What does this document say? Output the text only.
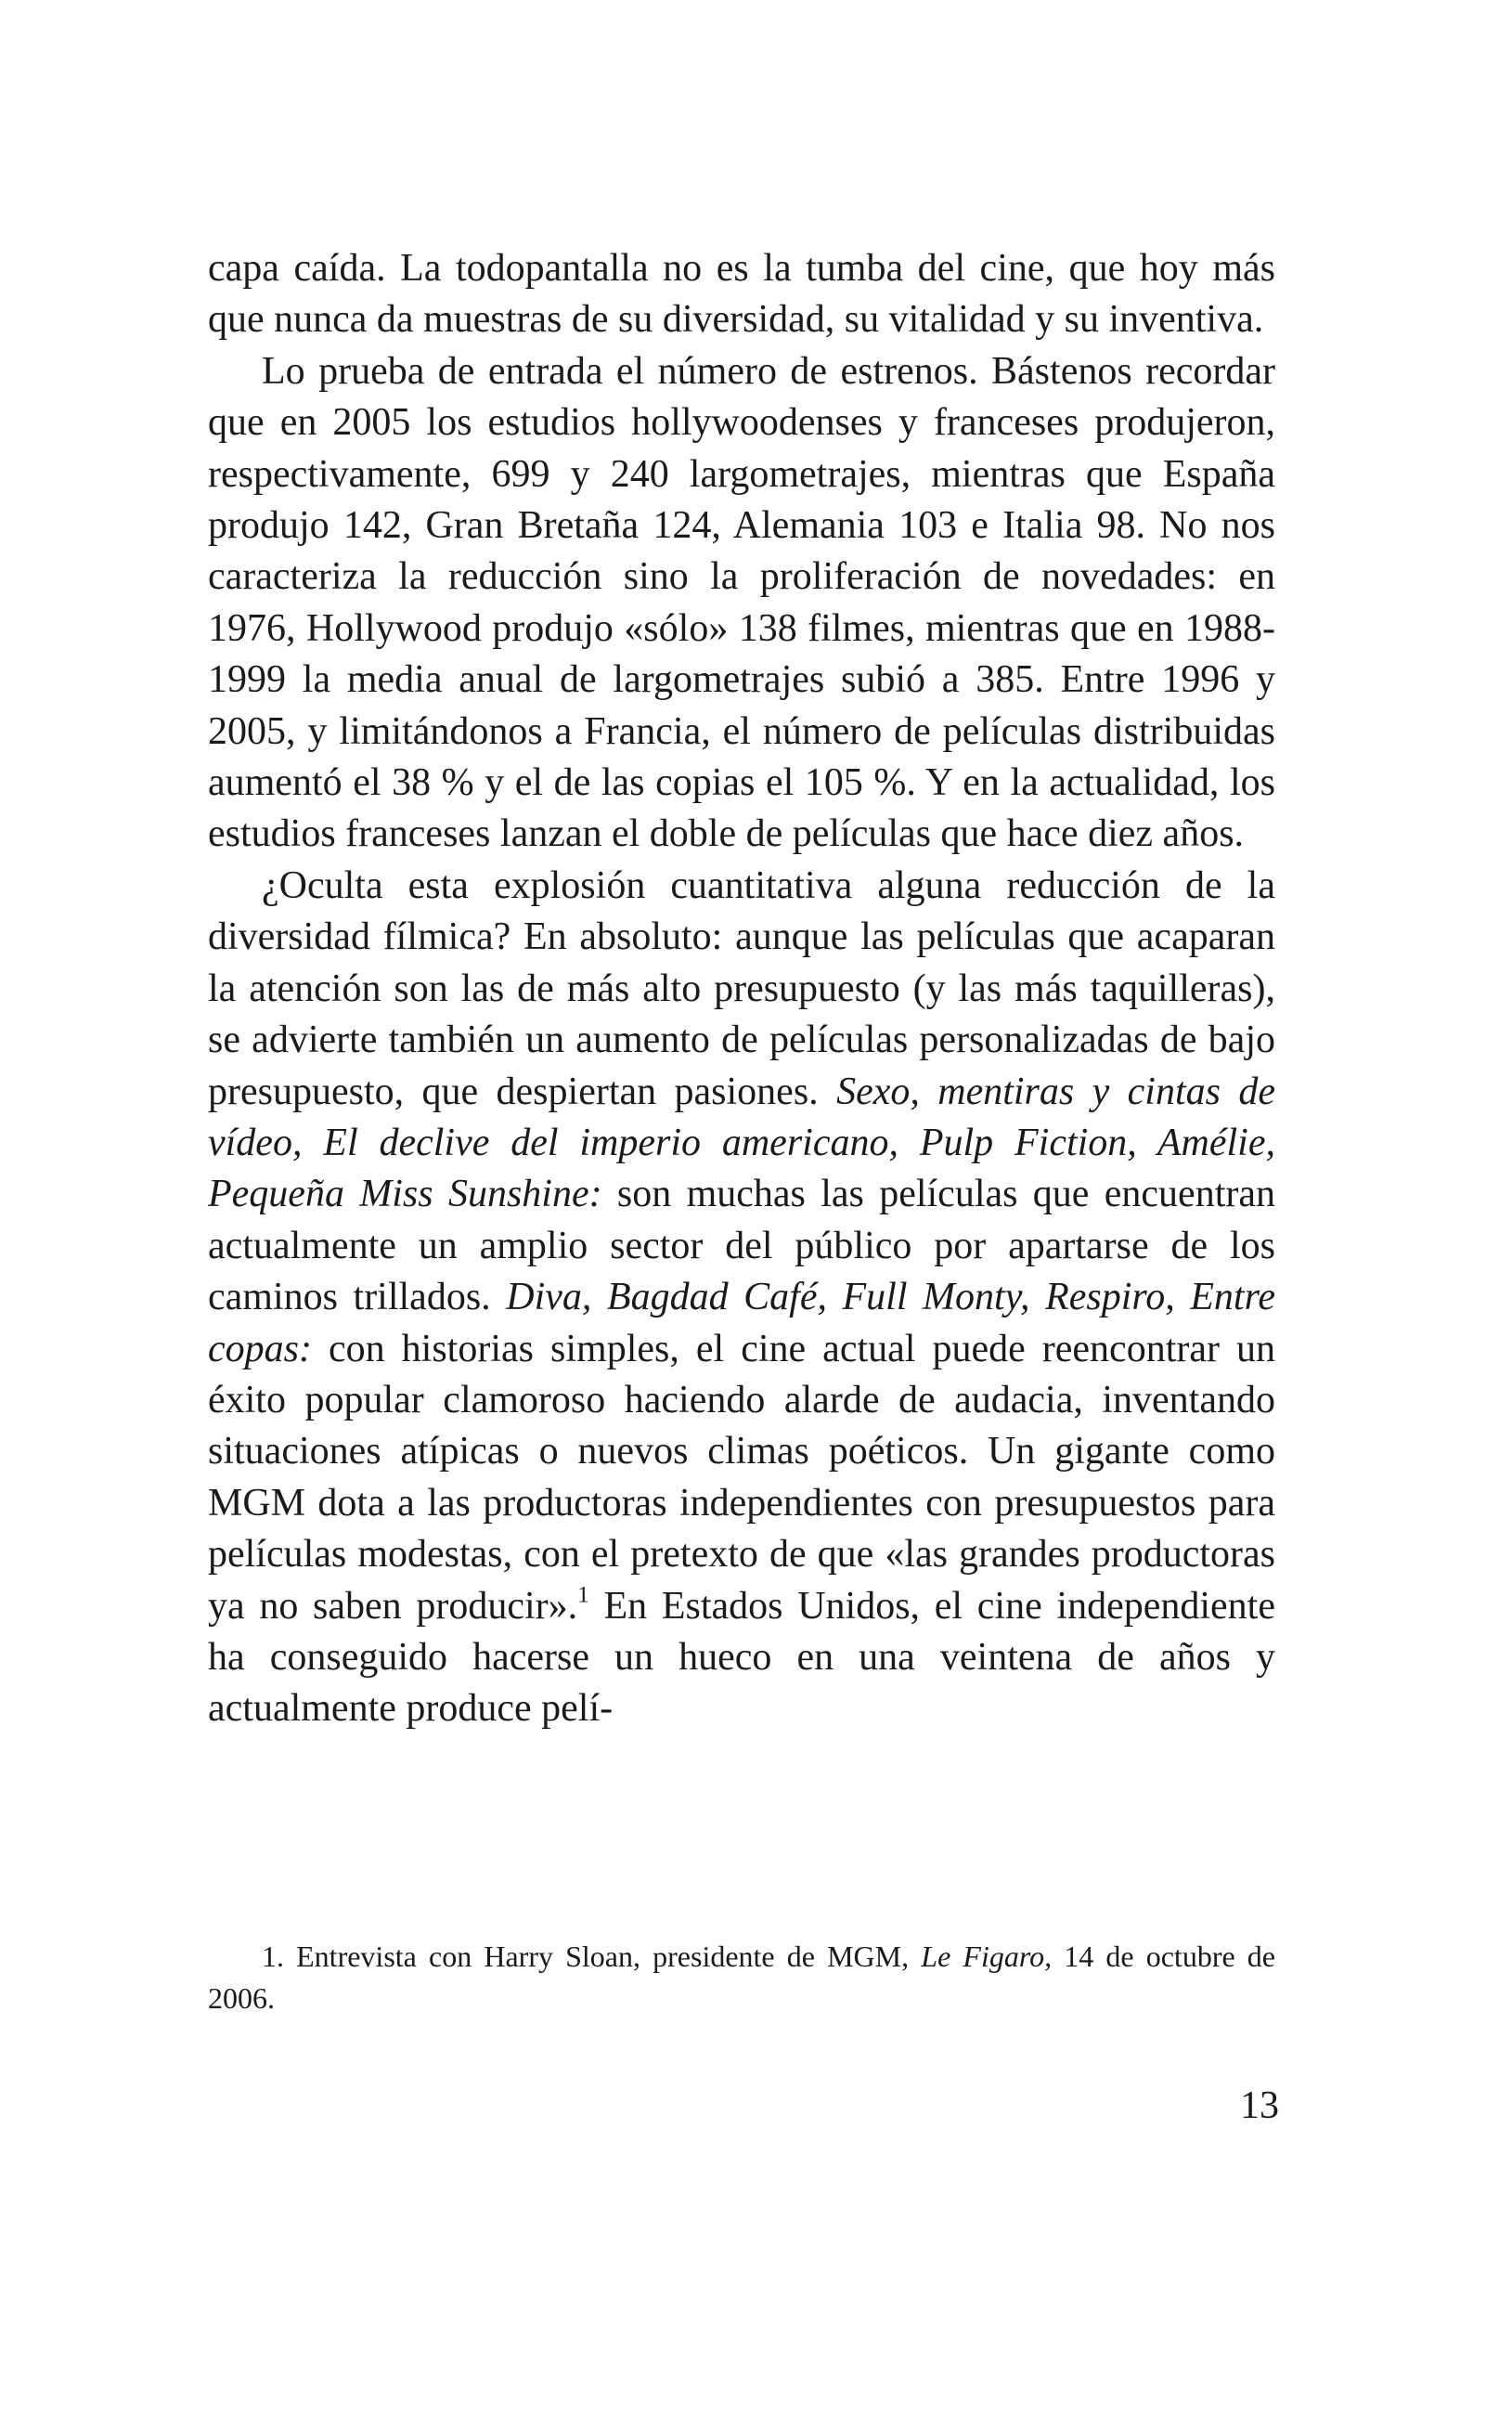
capa caída. La todopantalla no es la tumba del cine, que hoy más que nunca da muestras de su diversidad, su vitalidad y su inventiva.

Lo prueba de entrada el número de estrenos. Bástenos recordar que en 2005 los estudios hollywoodenses y franceses produjeron, respectivamente, 699 y 240 largometrajes, mientras que España produjo 142, Gran Bretaña 124, Alemania 103 e Italia 98. No nos caracteriza la reducción sino la proliferación de novedades: en 1976, Hollywood produjo «sólo» 138 filmes, mientras que en 1988-1999 la media anual de largometrajes subió a 385. Entre 1996 y 2005, y limitándonos a Francia, el número de películas distribuidas aumentó el 38 % y el de las copias el 105 %. Y en la actualidad, los estudios franceses lanzan el doble de películas que hace diez años.

¿Oculta esta explosión cuantitativa alguna reducción de la diversidad fílmica? En absoluto: aunque las películas que acaparan la atención son las de más alto presupuesto (y las más taquilleras), se advierte también un aumento de películas personalizadas de bajo presupuesto, que despiertan pasiones. Sexo, mentiras y cintas de vídeo, El declive del imperio americano, Pulp Fiction, Amélie, Pequeña Miss Sunshine: son muchas las películas que encuentran actualmente un amplio sector del público por apartarse de los caminos trillados. Diva, Bagdad Café, Full Monty, Respiro, Entre copas: con historias simples, el cine actual puede reencontrar un éxito popular clamoroso haciendo alarde de audacia, inventando situaciones atípicas o nuevos climas poéticos. Un gigante como MGM dota a las productoras independientes con presupuestos para películas modestas, con el pretexto de que «las grandes productoras ya no saben producir».$^1$ En Estados Unidos, el cine independiente ha conseguido hacerse un hueco en una veintena de años y actualmente produce pelí-

1. Entrevista con Harry Sloan, presidente de MGM, Le Figaro, 14 de octubre de 2006.

13
